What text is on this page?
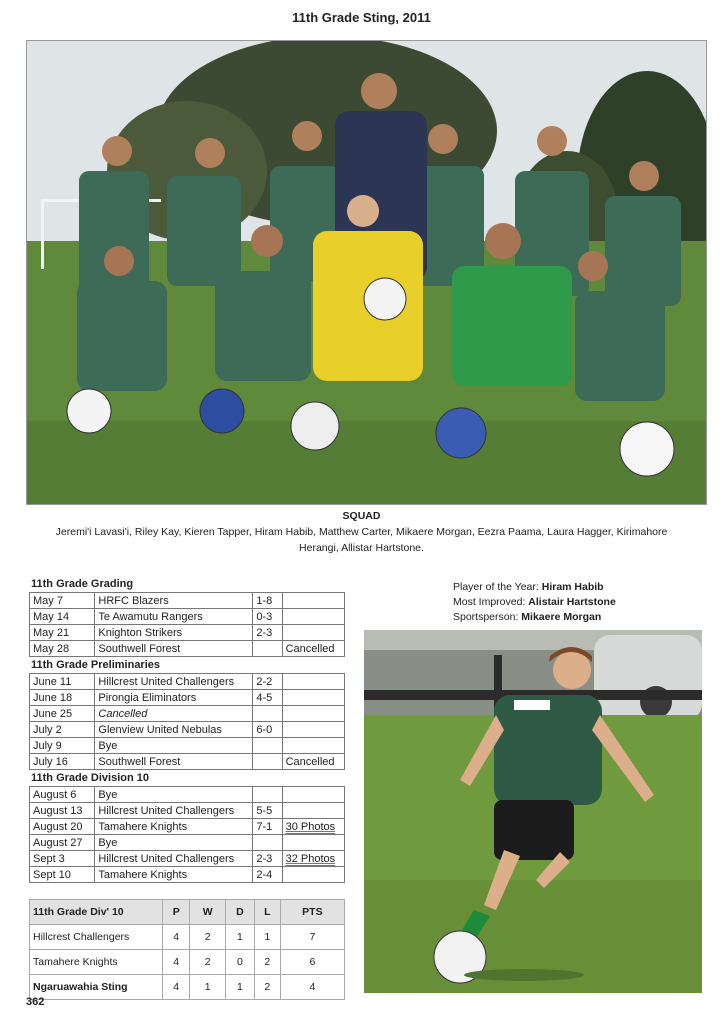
11th Grade Sting, 2011
SQUAD
Jeremi'i Lavasi'i, Riley Kay, Kieren Tapper, Hiram Habib, Matthew Carter, Mikaere Morgan, Eezra Paama, Laura Hagger, Kirimahore Herangi, Allistar Hartstone.
11th Grade Grading
May 7	HRFC Blazers	1-8	
May 14	Te Awamutu Rangers	0-3	
May 21	Knighton Strikers	2-3	
May 28	Southwell Forest		Cancelled
11th Grade Preliminaries
June 11	Hillcrest United Challengers	2-2	
June 18	Pirongia Eliminators	4-5	
June 25	Cancelled		
July 2	Glenview United Nebulas	6-0	
July 9	Bye		
July 16	Southwell Forest		Cancelled
11th Grade Division 10
August 6	Bye		
August 13	Hillcrest United Challengers	5-5	
August 20	Tamahere Knights	7-1	30 Photos
August 27	Bye		
Sept 3	Hillcrest United Challengers	2-3	32 Photos
Sept 10	Tamahere Knights	2-4	
11th Grade Div' 10	P	W	D	L	PTS
Hillcrest Challengers	4	2	1	1	7
Tamahere Knights	4	2	0	2	6
Ngaruawahia Sting	4	1	1	2	4
Player of the Year: Hiram Habib
Most Improved: Alistair Hartstone
Sportsperson: Mikaere Morgan
362
